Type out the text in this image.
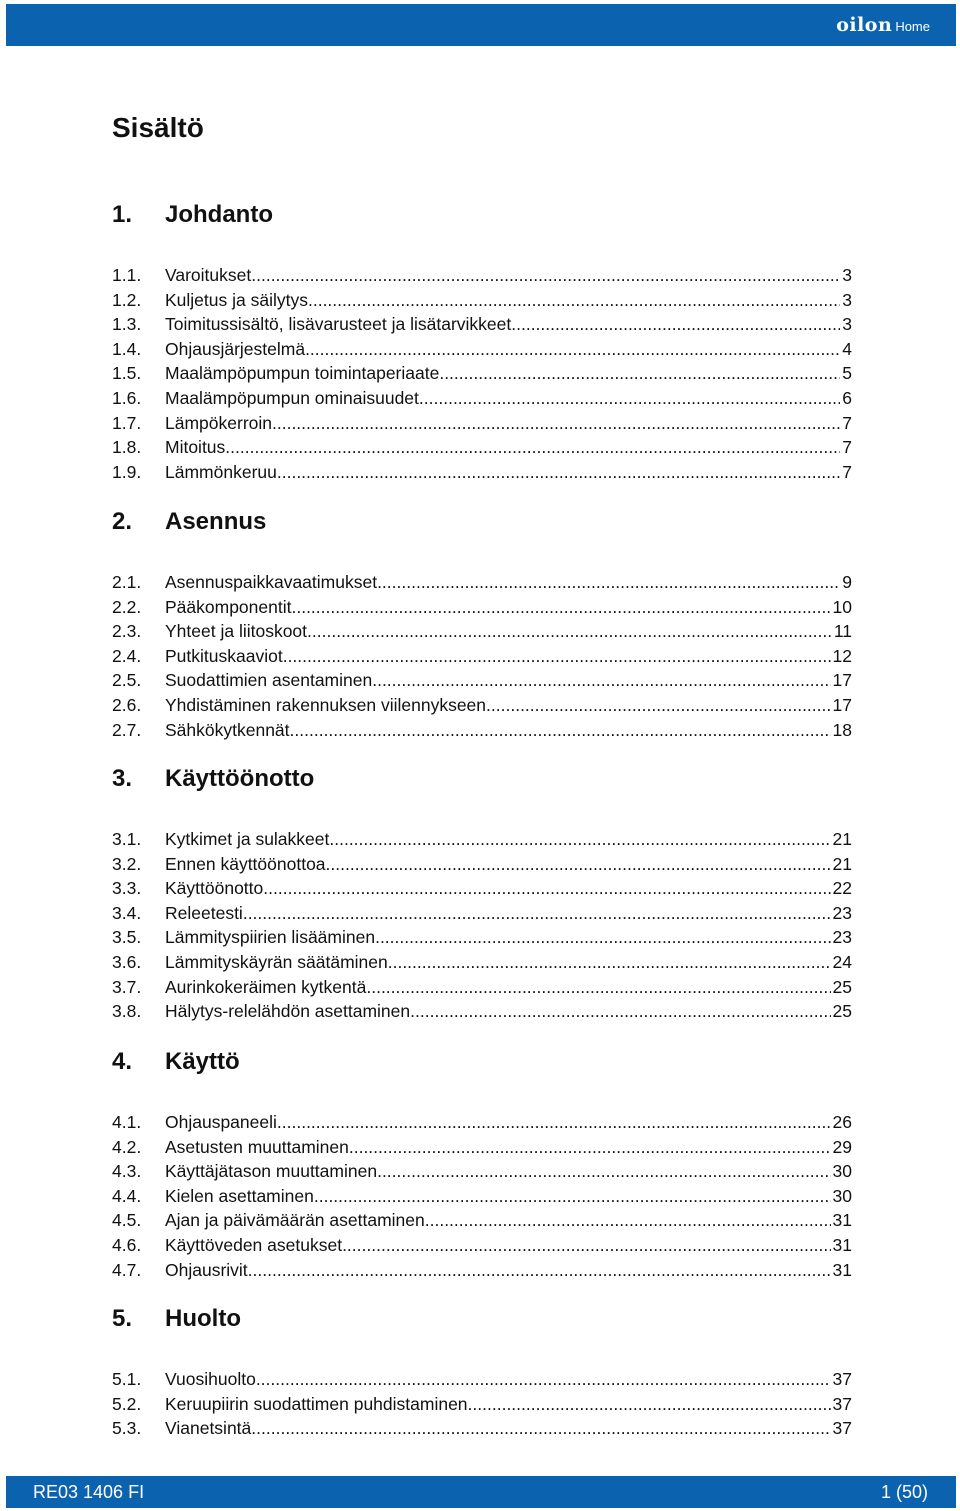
oilon Home
Sisältö
1.	Johdanto
1.1.	Varoitukset .....	3
1.2.	Kuljetus ja säilytys .....	3
1.3.	Toimitussisältö, lisävarusteet ja lisätarvikkeet .....	3
1.4.	Ohjausjärjestelmä .....	4
1.5.	Maalämpöpumpun toimintaperiaate .....	5
1.6.	Maalämpöpumpun ominaisuudet .....	6
1.7.	Lämpökerroin .....	7
1.8.	Mitoitus .....	7
1.9.	Lämmönkeruu .....	7
2.	Asennus
2.1.	Asennuspaikkavaatimukset .....	9
2.2.	Pääkomponentit .....	10
2.3.	Yhteet ja liitoskoot .....	11
2.4.	Putkituskaaviot .....	12
2.5.	Suodattimien asentaminen .....	17
2.6.	Yhdistäminen rakennuksen viilennykseen .....	17
2.7.	Sähkökytkennät .....	18
3.	Käyttöönotto
3.1.	Kytkimet ja sulakkeet .....	21
3.2.	Ennen käyttöönottoa .....	21
3.3.	Käyttöönotto .....	22
3.4.	Releetesti .....	23
3.5.	Lämmityspiirien lisääminen .....	23
3.6.	Lämmityskäyrän säätäminen .....	24
3.7.	Aurinkokeräimen kytkentä .....	25
3.8.	Hälytys-relelähdön asettaminen .....	25
4.	Käyttö
4.1.	Ohjauspaneeli .....	26
4.2.	Asetusten muuttaminen .....	29
4.3.	Käyttäjätason muuttaminen .....	30
4.4.	Kielen asettaminen .....	30
4.5.	Ajan ja päivämäärän asettaminen .....	31
4.6.	Käyttöveden asetukset .....	31
4.7.	Ohjausrivit .....	31
5.	Huolto
5.1.	Vuosihuolto .....	37
5.2.	Keruupiirin suodattimen puhdistaminen .....	37
5.3.	Vianetsintä .....	37
RE03 1406 FI	1 (50)
